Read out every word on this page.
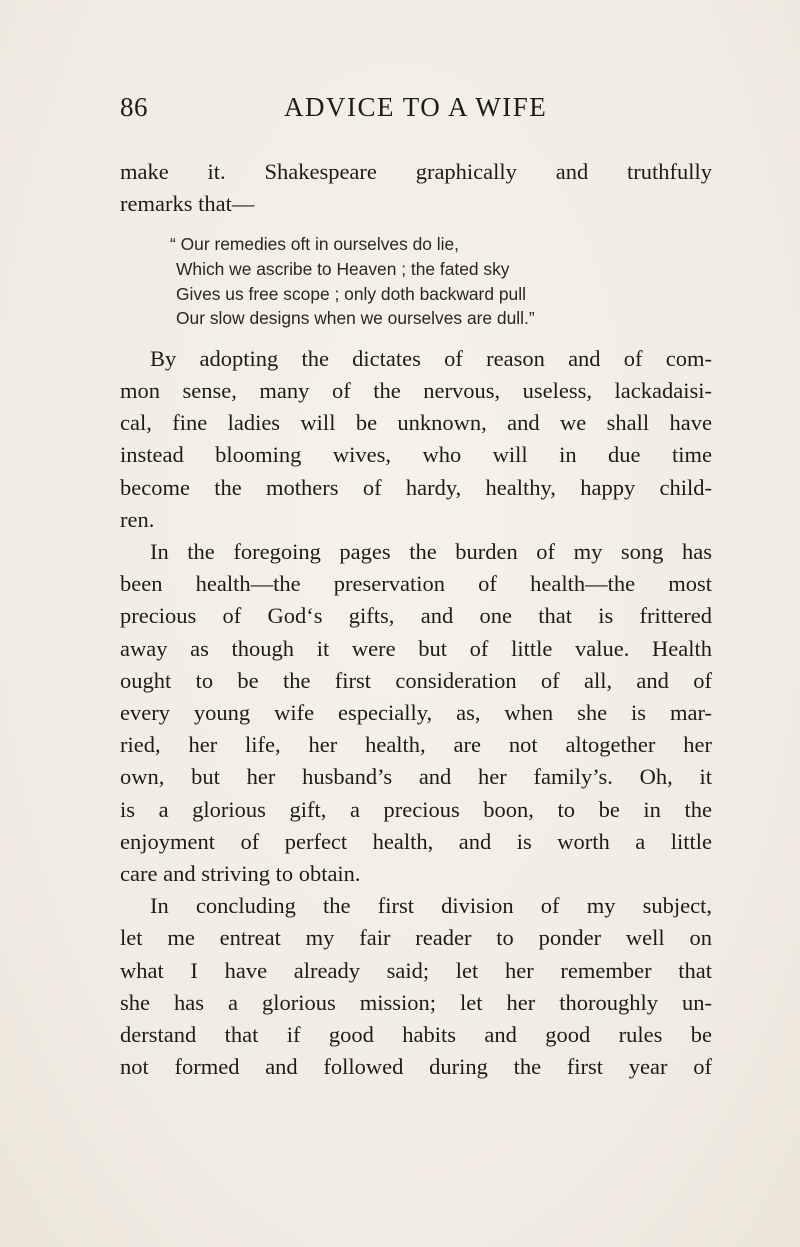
86	ADVICE TO A WIFE
make it. Shakespeare graphically and truthfully
remarks that—
“ Our remedies oft in ourselves do lie,
Which we ascribe to Heaven ; the fated sky
Gives us free scope ; only doth backward pull
Our slow designs when we ourselves are dull.”
By adopting the dictates of reason and of com-
mon sense, many of the nervous, useless, lackadaisi-
cal, fine ladies will be unknown, and we shall have
instead blooming wives, who will in due time
become the mothers of hardy, healthy, happy child-
ren.
In the foregoing pages the burden of my song has
been health—the preservation of health—the most
precious of God‘s gifts, and one that is frittered
away as though it were but of little value. Health
ought to be the first consideration of all, and of
every young wife especially, as, when she is mar-
ried, her life, her health, are not altogether her
own, but her husband’s and her family’s. Oh, it
is a glorious gift, a precious boon, to be in the
enjoyment of perfect health, and is worth a little
care and striving to obtain.
In concluding the first division of my subject,
let me entreat my fair reader to ponder well on
what I have already said; let her remember that
she has a glorious mission; let her thoroughly un-
derstand that if good habits and good rules be
not formed and followed during the first year of
